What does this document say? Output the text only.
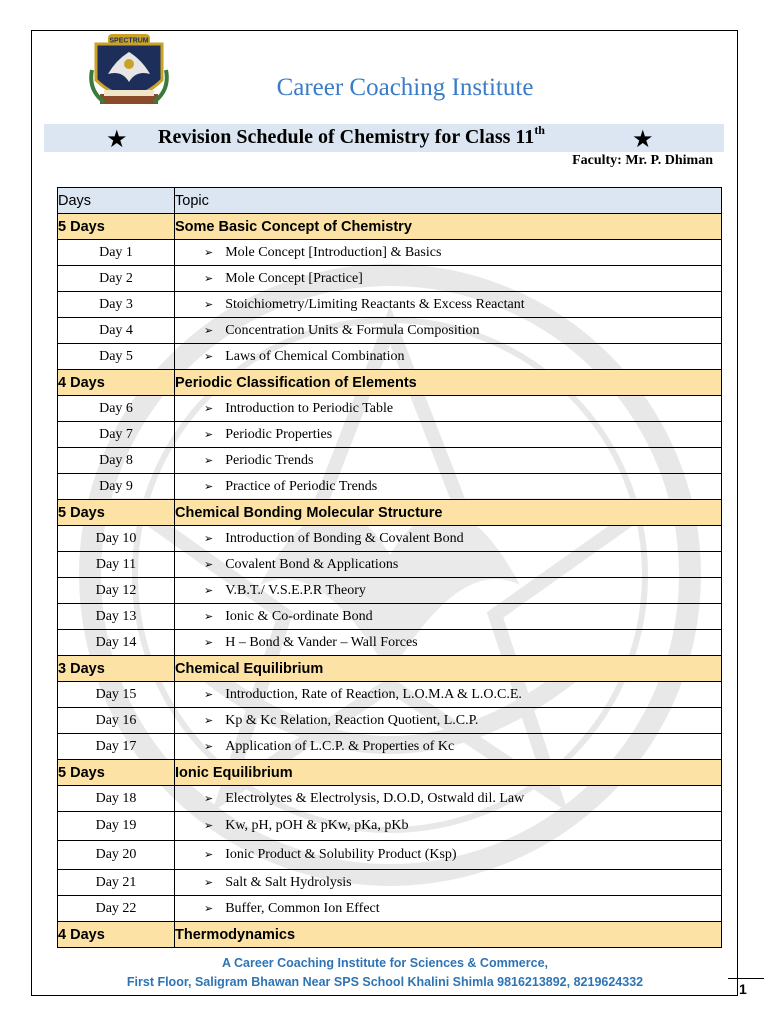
SPECTRUM
Career Coaching Institute
★ Revision Schedule of Chemistry for Class 11th	★
Faculty: Mr. P. Dhiman
Days	Topic
5 Days	Some Basic Concept of Chemistry
Day 1	➢ Mole Concept [Introduction] & Basics
Day 2	➢ Mole Concept [Practice]
Day 3	➢ Stoichiometry/Limiting Reactants & Excess Reactant
Day 4	➢ Concentration Units & Formula Composition
Day 5	➢ Laws of Chemical Combination
4 Days	Periodic Classification of Elements
Day 6	➢ Introduction to Periodic Table
Day 7	➢ Periodic Properties
Day 8	➢ Periodic Trends
Day 9	➢ Practice of Periodic Trends
5 Days	Chemical Bonding Molecular Structure
Day 10	➢ Introduction of Bonding & Covalent Bond
Day 11	➢ Covalent Bond & Applications
Day 12	➢ V.B.T./ V.S.E.P.R Theory
Day 13	➢ Ionic & Co-ordinate Bond
Day 14	➢ H – Bond & Vander – Wall Forces
3 Days	Chemical Equilibrium
Day 15	➢ Introduction, Rate of Reaction, L.O.M.A & L.O.C.E.
Day 16	➢ Kp & Kc Relation, Reaction Quotient, L.C.P.
Day 17	➢ Application of L.C.P. & Properties of Kc
5 Days	Ionic Equilibrium
Day 18	➢ Electrolytes & Electrolysis, D.O.D, Ostwald dil. Law
Day 19	➢ Kw, pH, pOH & pKw, pKa, pKb
Day 20	➢ Ionic Product & Solubility Product (Ksp)
Day 21	➢ Salt & Salt Hydrolysis
Day 22	➢ Buffer, Common Ion Effect
4 Days	Thermodynamics
A Career Coaching Institute for Sciences & Commerce,
First Floor, Saligram Bhawan Near SPS School Khalini Shimla 9816213892, 8219624332	1
